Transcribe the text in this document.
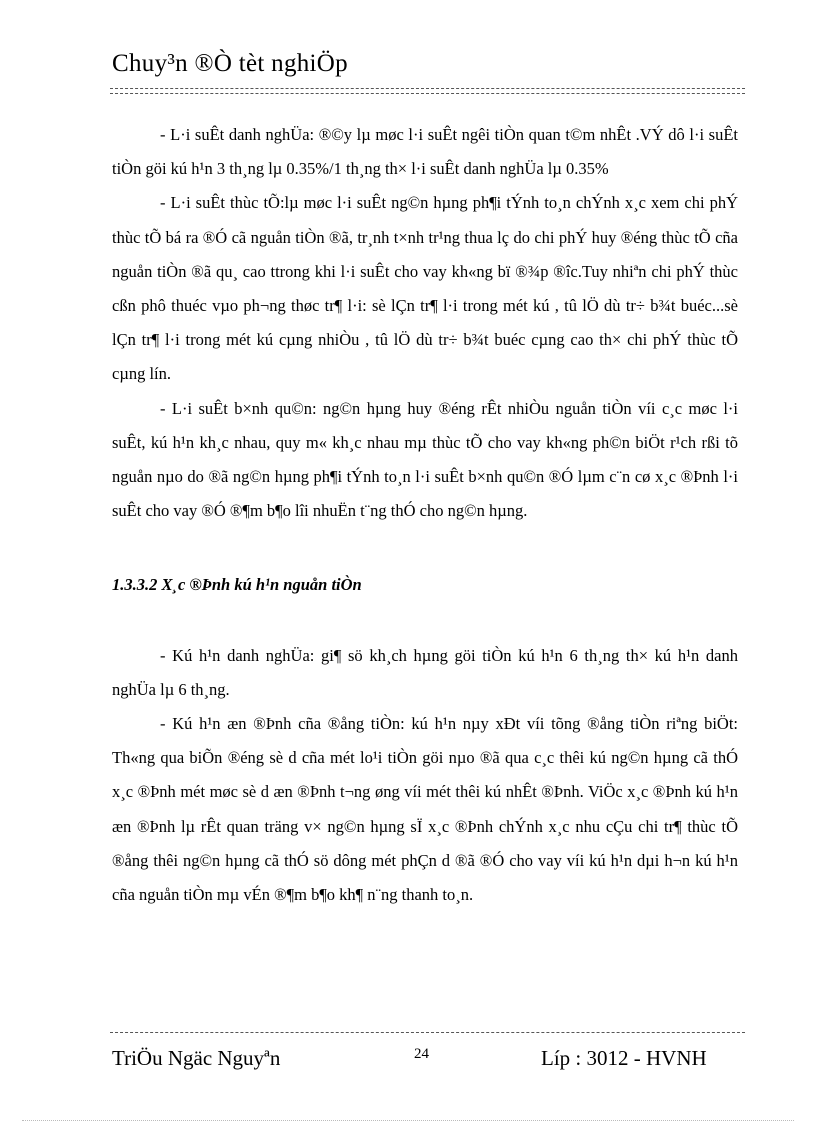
Chuy³n ®Ò tèt nghiÖp

- L·i suÊt danh nghÜa: ®©y lµ møc l·i suÊt ngêi tiÒn quan t©m nhÊt .VÝ dô l·i suÊt tiÒn göi kú h¹n 3 th¸ng lµ 0.35%/1 th¸ng th× l·i suÊt danh nghÜa lµ 0.35%

- L·i suÊt thùc tÕ:lµ møc l·i suÊt ng©n hµng ph¶i tÝnh to¸n chÝnh x¸c xem chi phÝ thùc tÕ bá ra ®Ó cã nguån tiÒn ®ã, tr¸nh t×nh tr¹ng thua lç do chi phÝ huy ®éng thùc tÕ cña nguån tiÒn ®ã qu¸ cao ttrong khi l·i suÊt cho vay kh«ng bï ®¾p ®îc.Tuy nhiªn chi phÝ thùc cßn phô thuéc vµo ph¬ng thøc tr¶ l·i: sè lÇn tr¶ l·i trong mét kú , tû lÖ dù tr÷ b¾t buéc...sè lÇn tr¶ l·i trong mét kú cµng nhiÒu , tû lÖ dù tr÷ b¾t buéc cµng cao th× chi phÝ thùc tÕ cµng lín.

- L·i suÊt b×nh qu©n: ng©n hµng huy ®éng rÊt nhiÒu nguån tiÒn víi c¸c møc l·i suÊt, kú h¹n kh¸c nhau, quy m« kh¸c nhau mµ thùc tÕ cho vay kh«ng ph©n biÖt r¹ch rßi tõ nguån nµo do ®ã ng©n hµng ph¶i tÝnh to¸n l·i suÊt b×nh qu©n ®Ó lµm c¨n cø x¸c ®Þnh l·i suÊt cho vay ®Ó ®¶m b¶o lîi nhuËn t¨ng thÓ cho ng©n hµng.

1.3.3.2 X¸c ®Þnh kú h¹n nguån tiÒn

- Kú h¹n danh nghÜa: gi¶ sö kh¸ch hµng göi tiÒn kú h¹n 6 th¸ng th× kú h¹n danh nghÜa lµ 6 th¸ng.

- Kú h¹n æn ®Þnh cña ®ång tiÒn: kú h¹n nµy xÐt víi tõng ®ång tiÒn riªng biÖt: Th«ng qua biÕn ®éng sè d cña mét lo¹i tiÒn göi nµo ®ã qua c¸c thêi kú ng©n hµng cã thÓ x¸c ®Þnh mét møc sè d æn ®Þnh t¬ng øng víi mét thêi kú nhÊt ®Þnh. ViÖc x¸c ®Þnh kú h¹n æn ®Þnh lµ rÊt quan träng v× ng©n hµng sÏ x¸c ®Þnh chÝnh x¸c nhu cÇu chi tr¶ thùc tÕ ®ång thêi ng©n hµng cã thÓ sö dông mét phÇn d ®ã ®Ó cho vay víi kú h¹n dµi h¬n kú h¹n cña nguån tiÒn mµ vÉn ®¶m b¶o kh¶ n¨ng thanh to¸n.

TriÖu Ngäc Nguyªn	24	Líp : 3012 - HVNH
